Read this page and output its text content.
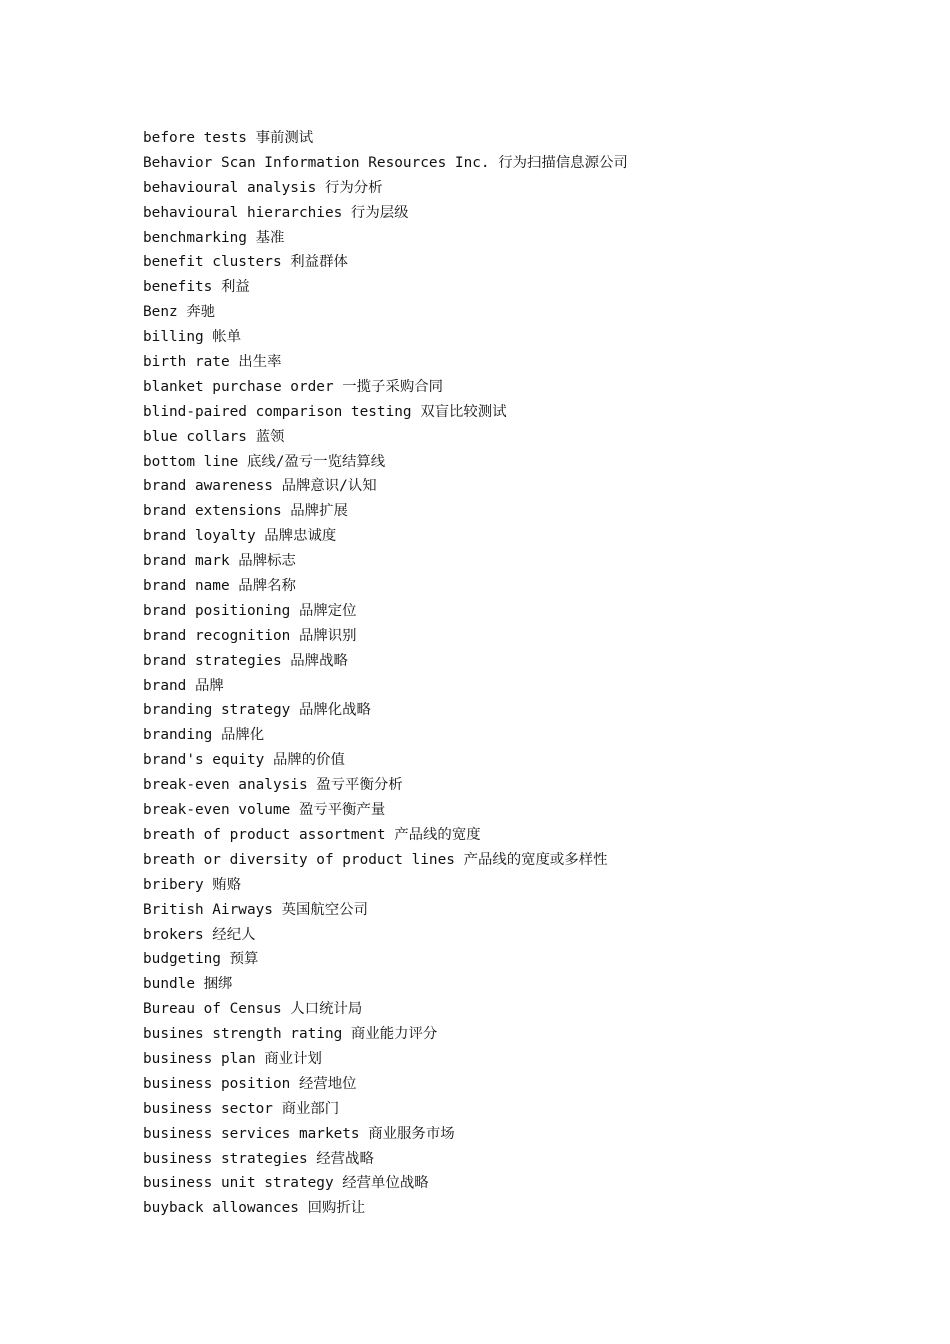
before tests 事前测试
Behavior Scan Information Resources Inc. 行为扫描信息源公司
behavioural analysis 行为分析
behavioural hierarchies 行为层级
benchmarking 基准
benefit clusters 利益群体
benefits 利益
Benz 奔驰
billing 帐单
birth rate 出生率
blanket purchase order 一揽子采购合同
blind-paired comparison testing 双盲比较测试
blue collars 蓝领
bottom line 底线/盈亏一览结算线
brand awareness 品牌意识/认知
brand extensions 品牌扩展
brand loyalty 品牌忠诚度
brand mark 品牌标志
brand name 品牌名称
brand positioning 品牌定位
brand recognition 品牌识别
brand strategies 品牌战略
brand 品牌
branding strategy 品牌化战略
branding 品牌化
brand's equity 品牌的价值
break-even analysis 盈亏平衡分析
break-even volume 盈亏平衡产量
breath of product assortment 产品线的宽度
breath or diversity of product lines 产品线的宽度或多样性
bribery 贿赂
British Airways 英国航空公司
brokers 经纪人
budgeting 预算
bundle 捆绑
Bureau of Census 人口统计局
busines strength rating 商业能力评分
business plan 商业计划
business position 经营地位
business sector 商业部门
business services markets 商业服务市场
business strategies 经营战略
business unit strategy 经营单位战略
buyback allowances 回购折让
